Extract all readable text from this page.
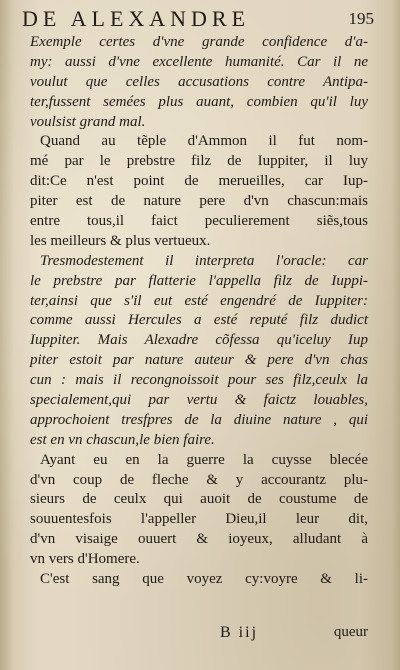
DE ALEXANDRE	195
Exemple certes d'vne grande confidence d'a-
my: aussi d'vne excellente humanité. Car il ne
voulut que celles accusations contre Antipa-
ter,fussent semées plus auant, combien qu'il luy
voulsist grand mal.
Quand au tẽple d'Ammon il fut nom-
mé par le prebstre filz de Iuppiter, il luy
dit:Ce n'est point de merueilles, car Iup-
piter est de nature pere d'vn chascun:mais
entre tous,il faict peculierement siẽs,tous
les meilleurs & plus vertueux.
Tresmodestement il interpreta l'oracle: car
le prebstre par flatterie l'appella filz de Iuppi-
ter,ainsi que s'il eut esté engendré de Iuppiter:
comme aussi Hercules a esté reputé filz dudict
Iuppiter. Mais Alexadre cõfessa qu'iceluy Iup
piter estoit par nature auteur & pere d'vn chas
cun : mais il recongnoissoit pour ses filz,ceulx la
specialement,qui par vertu & faictz louables,
approchoient tresfpres de la diuine nature , qui
est en vn chascun,le bien faire.
Ayant eu en la guerre la cuysse blecée
d'vn coup de fleche & y accourantz plu-
sieurs de ceulx qui auoit de coustume de
souuentesfois l'appeller Dieu,il leur dit,
d'vn visaige ouuert & ioyeux, alludant à
vn vers d'Homere.
C'est sang que voyez cy:voyre & li-
B iij	queur
